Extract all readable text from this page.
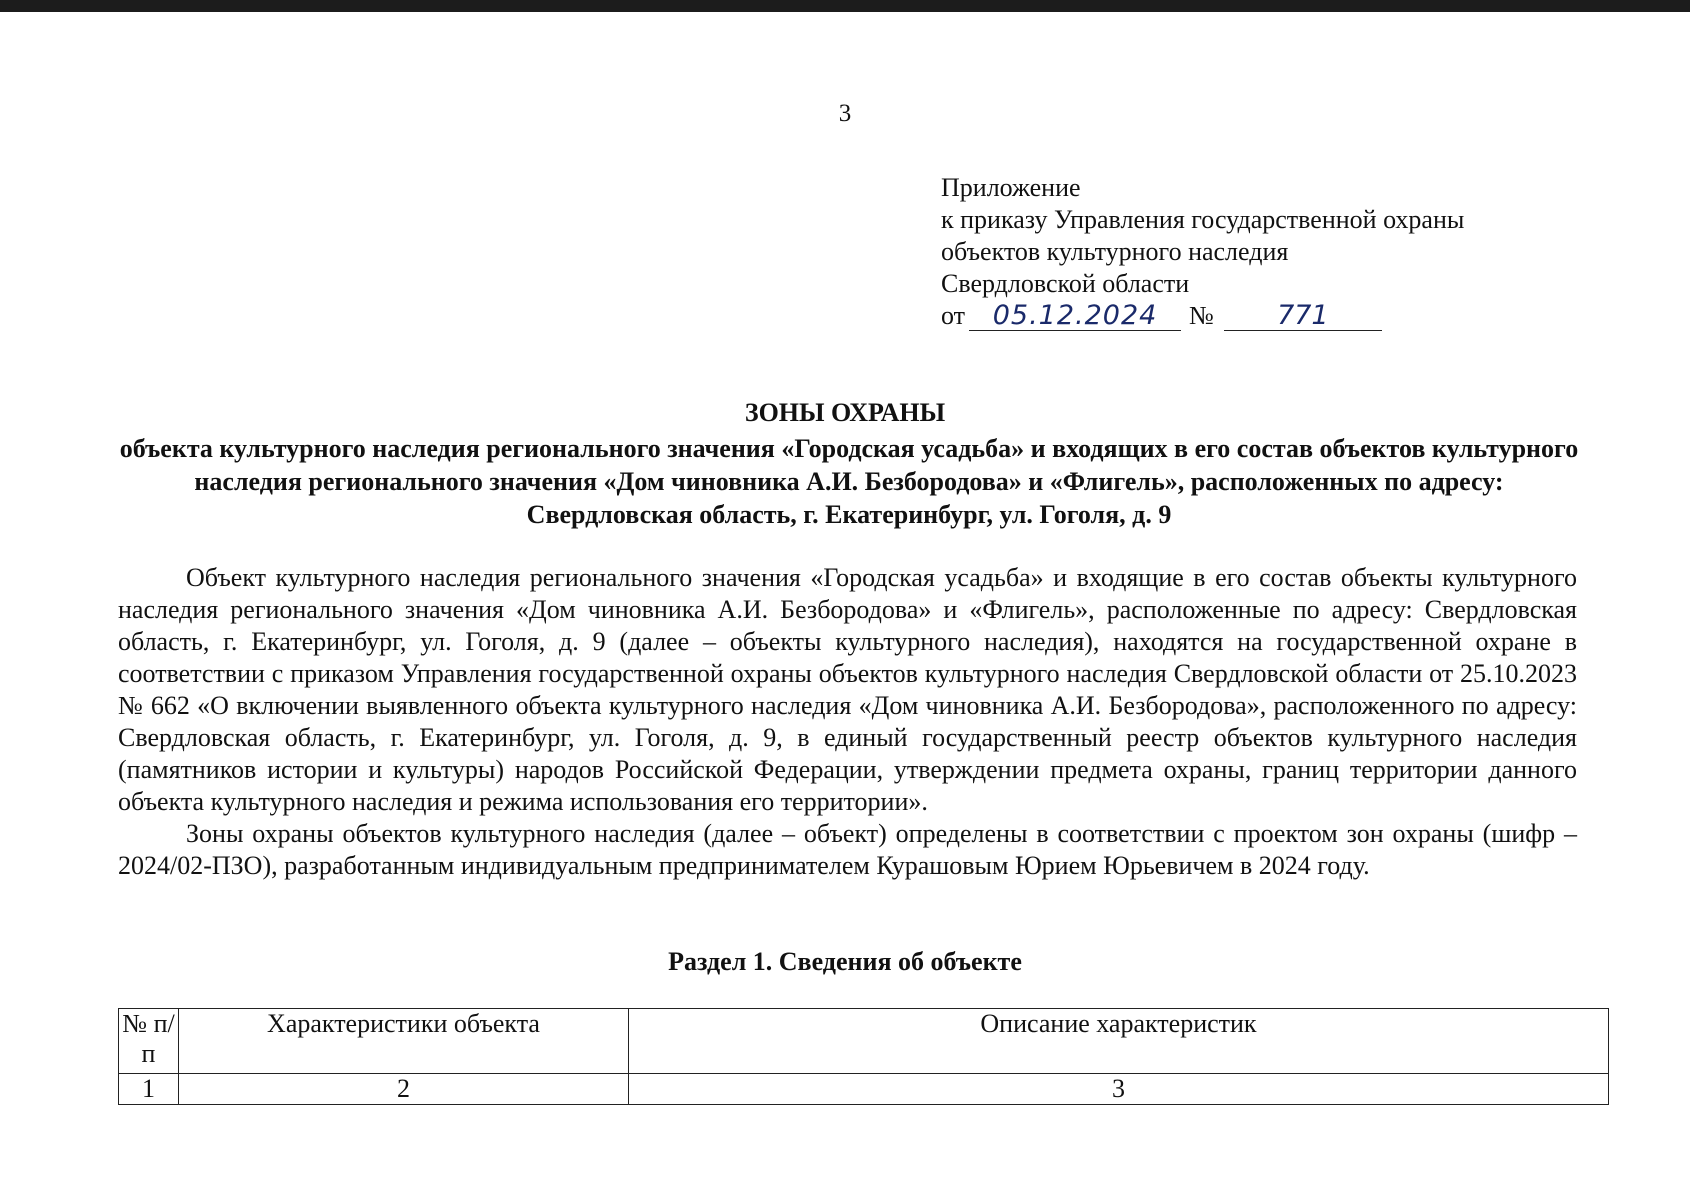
3
Приложение
к приказу Управления государственной охраны
объектов культурного наследия
Свердловской области
от 05.12.2024 № 771
ЗОНЫ ОХРАНЫ
объекта культурного наследия регионального значения «Городская усадьба» и входящих в его состав объектов культурного наследия регионального значения «Дом чиновника А.И. Безбородова» и «Флигель», расположенных по адресу: Свердловская область, г. Екатеринбург, ул. Гоголя, д. 9

Объект культурного наследия регионального значения «Городская усадьба» и входящие в его состав объекты культурного наследия регионального значения «Дом чиновника А.И. Безбородова» и «Флигель», расположенные по адресу: Свердловская область, г. Екатеринбург, ул. Гоголя, д. 9 (далее – объекты культурного наследия), находятся на государственной охране в соответствии с приказом Управления государственной охраны объектов культурного наследия Свердловской области от 25.10.2023 № 662 «О включении выявленного объекта культурного наследия «Дом чиновника А.И. Безбородова», расположенного по адресу: Свердловская область, г. Екатеринбург, ул. Гоголя, д. 9, в единый государственный реестр объектов культурного наследия (памятников истории и культуры) народов Российской Федерации, утверждении предмета охраны, границ территории данного объекта культурного наследия и режима использования его территории».

Зоны охраны объектов культурного наследия (далее – объект) определены в соответствии с проектом зон охраны (шифр – 2024/02-ПЗО), разработанным индивидуальным предпринимателем Курашовым Юрием Юрьевичем в 2024 году.

Раздел 1. Сведения об объекте
№ п/п	Характеристики объекта	Описание характеристик
1	2	3
